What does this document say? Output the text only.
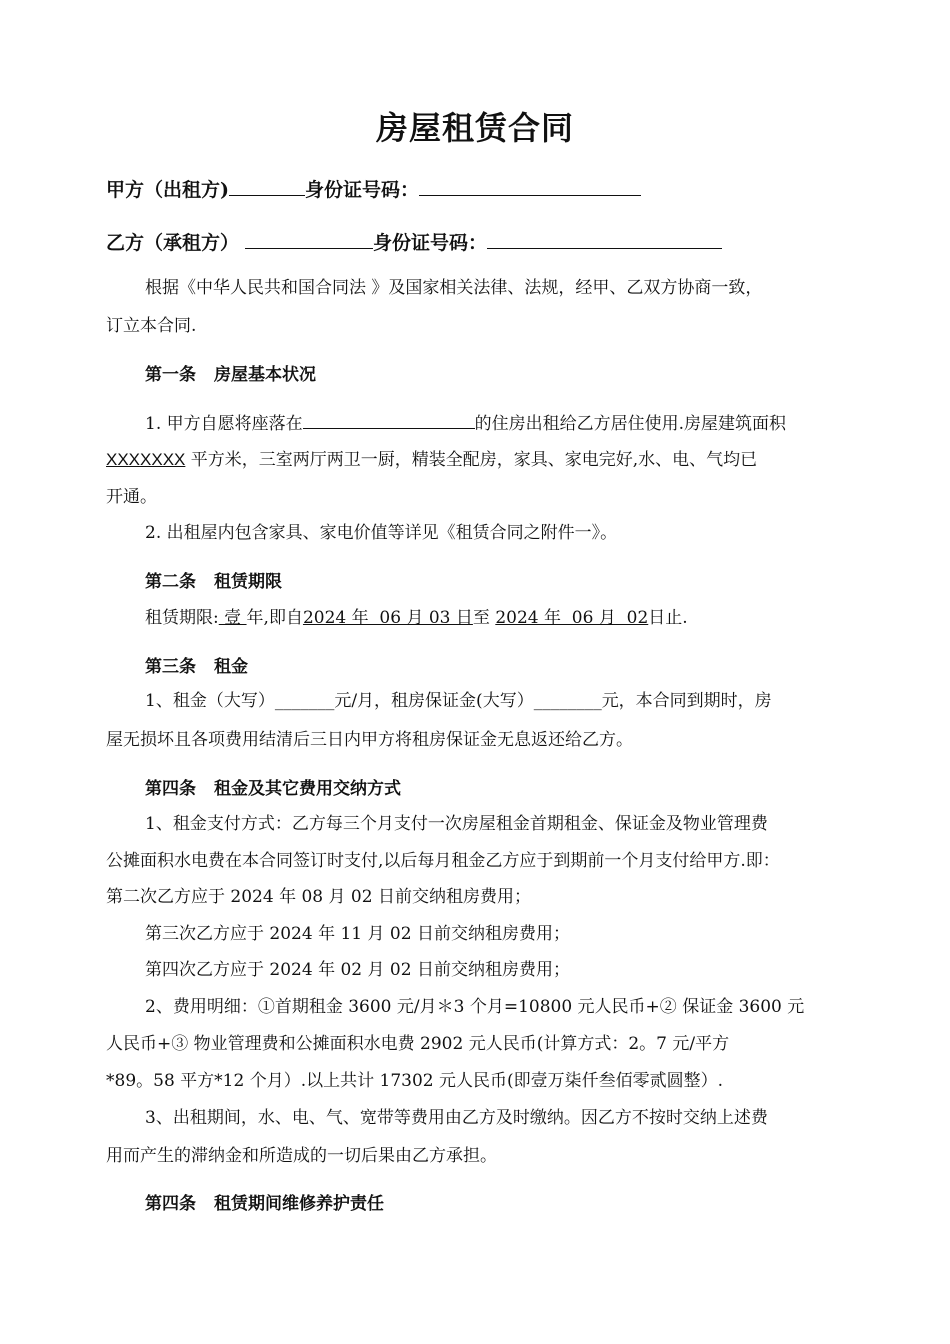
房屋租赁合同
甲方（出租方)	身份证号码：
乙方（承租方）	身份证号码：
根据《中华人民共和国合同法 》及国家相关法律、法规，经甲、乙双方协商一致，
订立本合同.
第一条 房屋基本状况
1. 甲方自愿将座落在	的住房出租给乙方居住使用.房屋建筑面积
XXXXXXX 平方米，三室两厅两卫一厨，精装全配房，家具、家电完好,水、电、气均已
开通。
2. 出租屋内包含家具、家电价值等详见《租赁合同之附件一》。
第二条 租赁期限
租赁期限: 壹 年,即自2024 年  06 月 03 日至 2024 年  06 月  02日止.
第三条 租金
1、租金（大写）_______元/月，租房保证金(大写）________元，本合同到期时，房
屋无损坏且各项费用结清后三日内甲方将租房保证金无息返还给乙方。
第四条 租金及其它费用交纳方式
1、租金支付方式：乙方每三个月支付一次房屋租金首期租金、保证金及物业管理费
公摊面积水电费在本合同签订时支付,以后每月租金乙方应于到期前一个月支付给甲方.即：
第二次乙方应于 2024 年 08 月 02 日前交纳租房费用；
第三次乙方应于 2024 年 11 月 02 日前交纳租房费用；
第四次乙方应于 2024 年 02 月 02 日前交纳租房费用；
2、费用明细：①首期租金 3600 元/月＊3 个月=10800 元人民币+② 保证金 3600 元
人民币+③ 物业管理费和公摊面积水电费 2902 元人民币(计算方式：2。7 元/平方
*89。58 平方*12 个月）.以上共计 17302 元人民币(即壹万柒仟叁佰零贰圆整）.
3、出租期间，水、电、气、宽带等费用由乙方及时缴纳。因乙方不按时交纳上述费
用而产生的滞纳金和所造成的一切后果由乙方承担。
第四条 租赁期间维修养护责任
